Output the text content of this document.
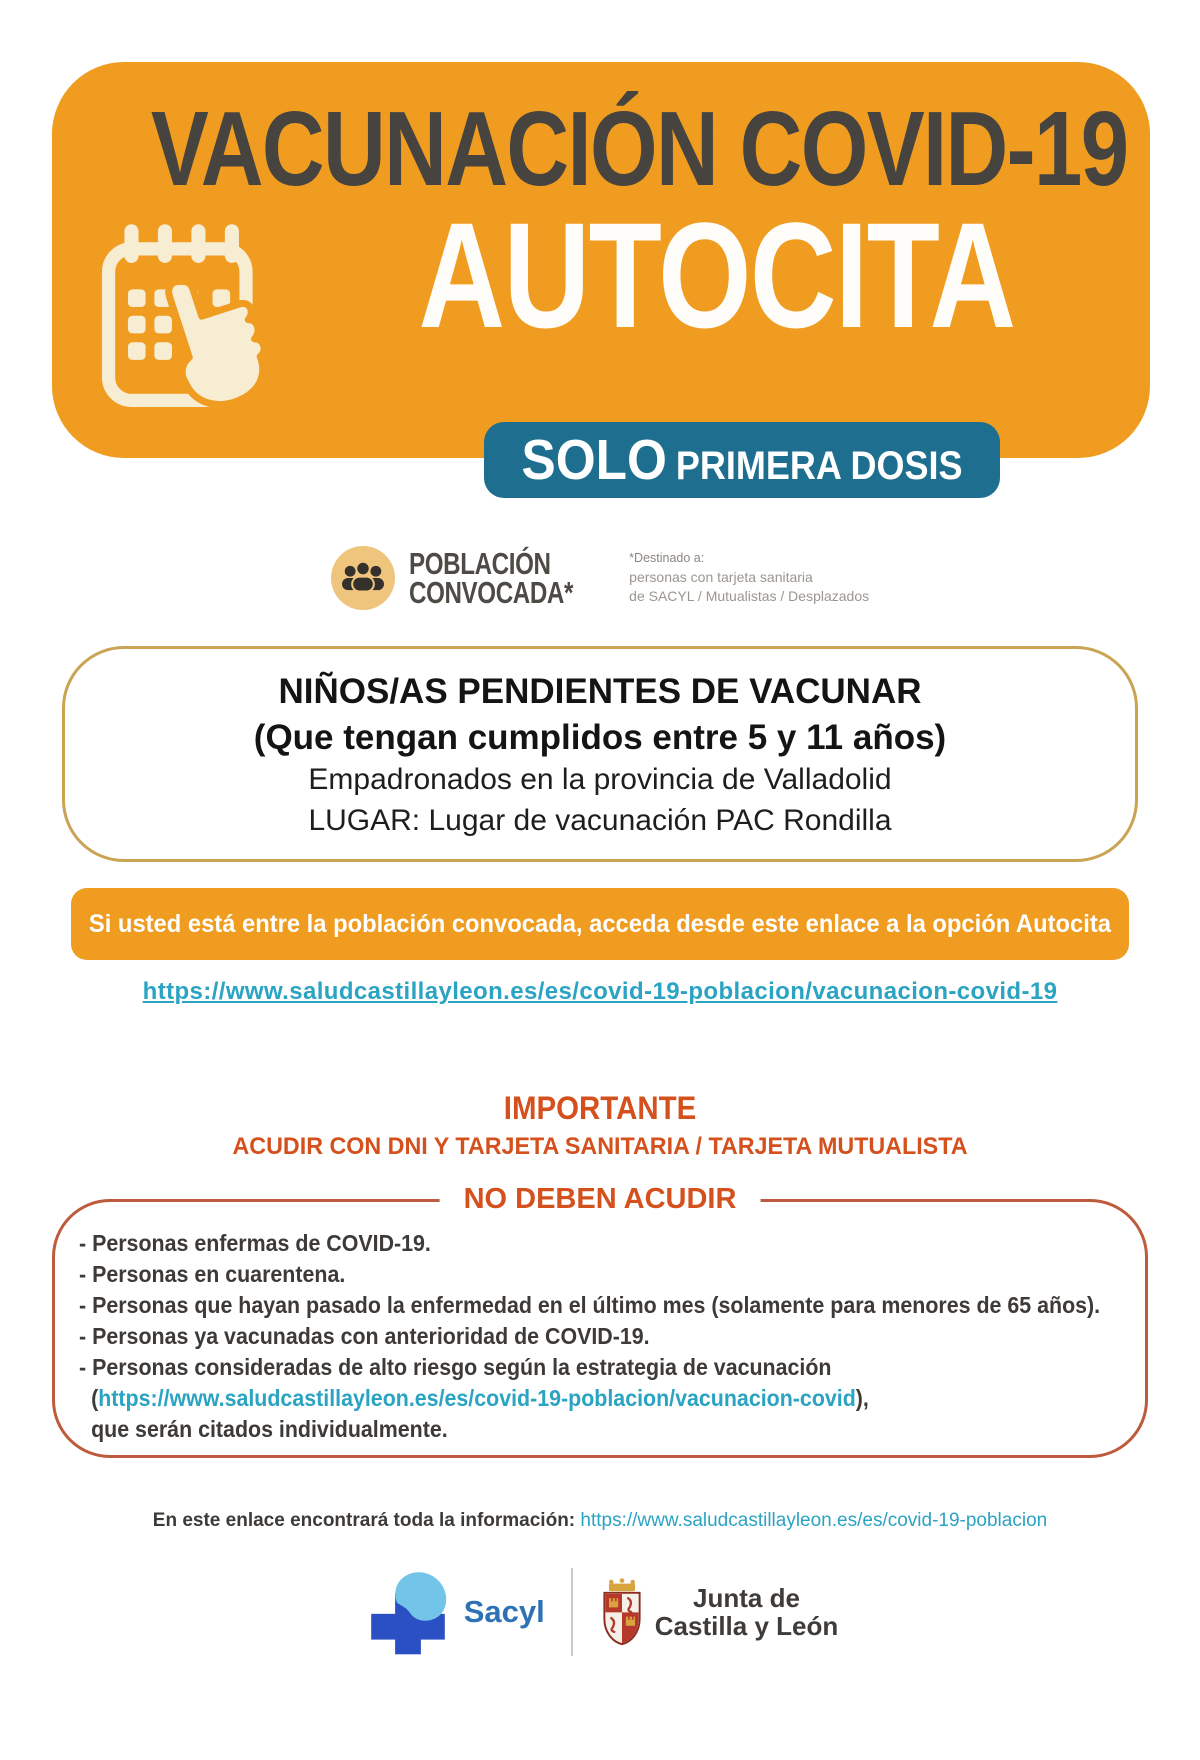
VACUNACIÓN COVID-19
AUTOCITA
SOLO PRIMERA DOSIS
POBLACIÓN
CONVOCADA*
*Destinado a:
personas con tarjeta sanitaria
de SACYL / Mutualistas / Desplazados
NIÑOS/AS PENDIENTES DE VACUNAR
(Que tengan cumplidos entre 5 y 11 años)
Empadronados en la provincia de Valladolid
LUGAR: Lugar de vacunación PAC Rondilla
Si usted está entre la población convocada, acceda desde este enlace a la opción Autocita
https://www.saludcastillayleon.es/es/covid-19-poblacion/vacunacion-covid-19
IMPORTANTE
ACUDIR CON DNI Y TARJETA SANITARIA / TARJETA MUTUALISTA
NO DEBEN ACUDIR
- Personas enfermas de COVID-19.
- Personas en cuarentena.
- Personas que hayan pasado la enfermedad en el último mes (solamente para menores de 65 años).
- Personas ya vacunadas con anterioridad de COVID-19.
- Personas consideradas de alto riesgo según la estrategia de vacunación
(https://www.saludcastillayleon.es/es/covid-19-poblacion/vacunacion-covid),
que serán citados individualmente.
En este enlace encontrará toda la información: https://www.saludcastillayleon.es/es/covid-19-poblacion
Sacyl	Junta de
Castilla y León
